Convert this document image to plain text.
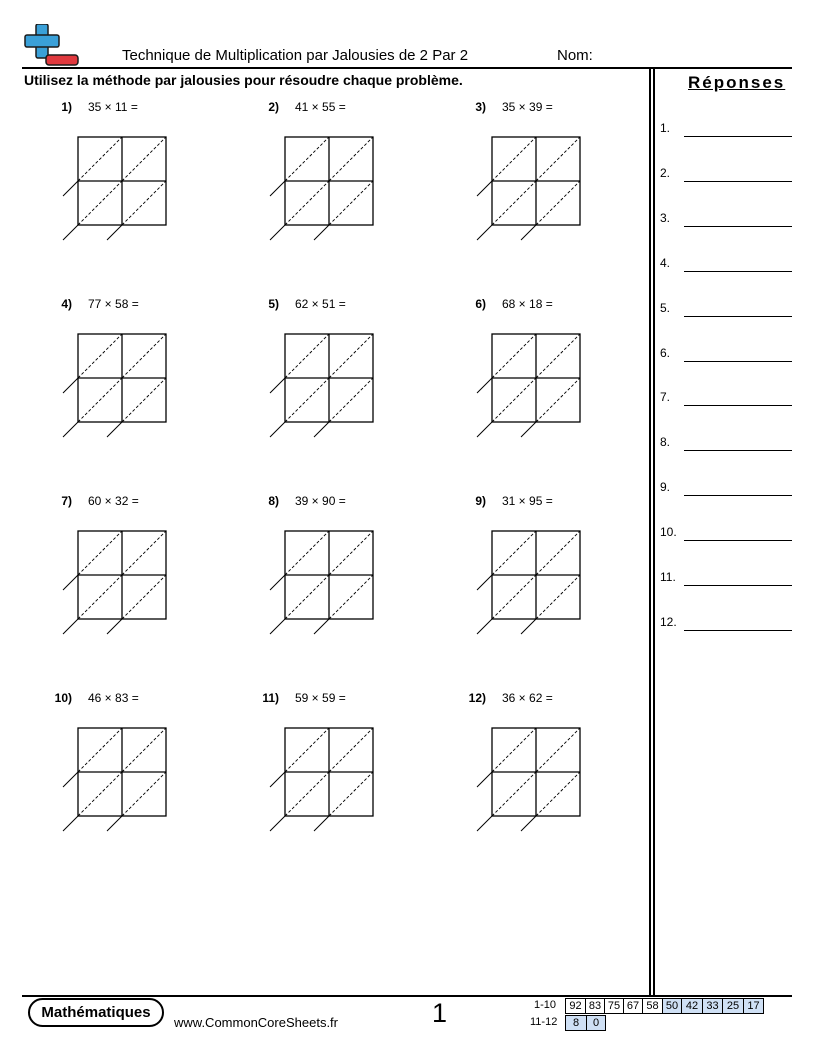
Technique de Multiplication par Jalousies de 2 Par 2	Nom:
Utilisez la méthode par jalousies pour résoudre chaque problème.	Réponses
1.
2.
3.
4.
5.
6.
7.
8.
9.
10.
11.
12.
1) 35 × 11 =	2) 41 × 55 =	3) 35 × 39 =
4) 77 × 58 =	5) 62 × 51 =	6) 68 × 18 =
7) 60 × 32 =	8) 39 × 90 =	9) 31 × 95 =
10) 46 × 83 =	11) 59 × 59 =	12) 36 × 62 =
Mathématiques
www.CommonCoreSheets.fr	1	1-10	92 83 75 67 58 50 42 33 25 17
11-12	8	0
